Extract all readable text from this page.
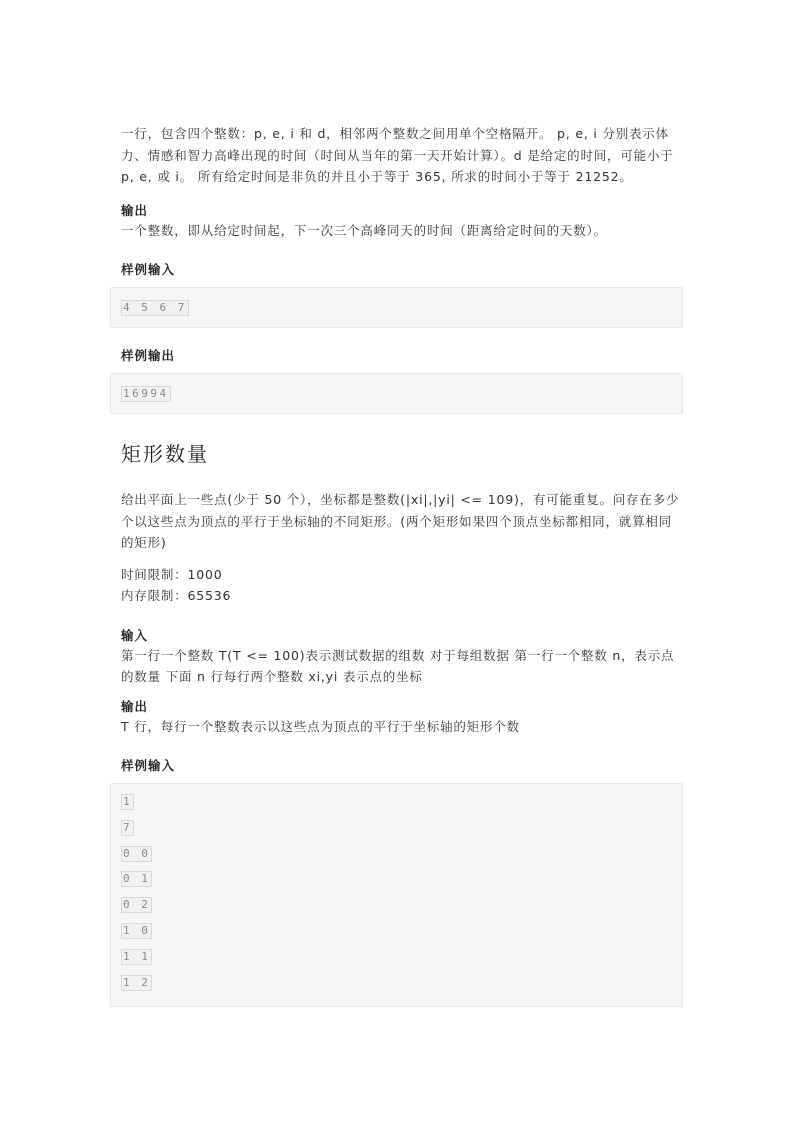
一行，包含四个整数：p, e, i 和 d，相邻两个整数之间用单个空格隔开。 p, e, i 分别表示体力、情感和智力高峰出现的时间（时间从当年的第一天开始计算）。d 是给定的时间，可能小于 p, e, 或 i。 所有给定时间是非负的并且小于等于 365, 所求的时间小于等于 21252。

输出

一个整数，即从给定时间起，下一次三个高峰同天的时间（距离给定时间的天数）。

样例输入

4 5 6 7

样例输出

16994
矩形数量

给出平面上一些点(少于 50 个），坐标都是整数(|xi|,|yi| <= 109)，有可能重复。问存在多少个以这些点为顶点的平行于坐标轴的不同矩形。(两个矩形如果四个顶点坐标都相同，就算相同的矩形)

时间限制：1000

内存限制：65536

输入

第一行一个整数 T(T <= 100)表示测试数据的组数 对于每组数据 第一行一个整数 n，表示点的数量 下面 n 行每行两个整数 xi,yi 表示点的坐标

输出

T 行，每行一个整数表示以这些点为顶点的平行于坐标轴的矩形个数

样例输入

1
7
0 0
0 1
0 2
1 0
1 1
1 2
